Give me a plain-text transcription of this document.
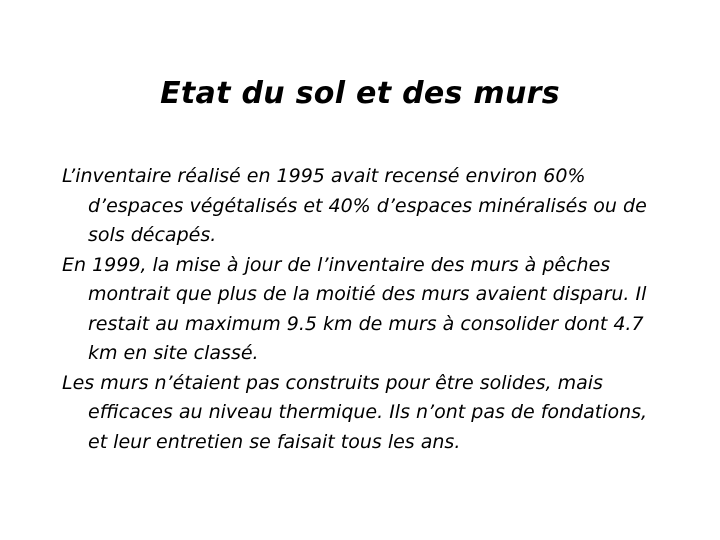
Etat du sol et des murs
L’inventaire réalisé en 1995 avait recensé environ 60% d’espaces végétalisés et 40% d’espaces minéralisés ou de sols décapés.
En 1999, la mise à jour de l’inventaire des murs à pêches montrait que plus de la moitié des murs avaient disparu. Il restait au maximum 9.5 km de murs à consolider dont 4.7 km en site classé.
Les murs n’étaient pas construits pour être solides, mais efficaces au niveau thermique. Ils n’ont pas de fondations, et leur entretien se faisait tous les ans.
